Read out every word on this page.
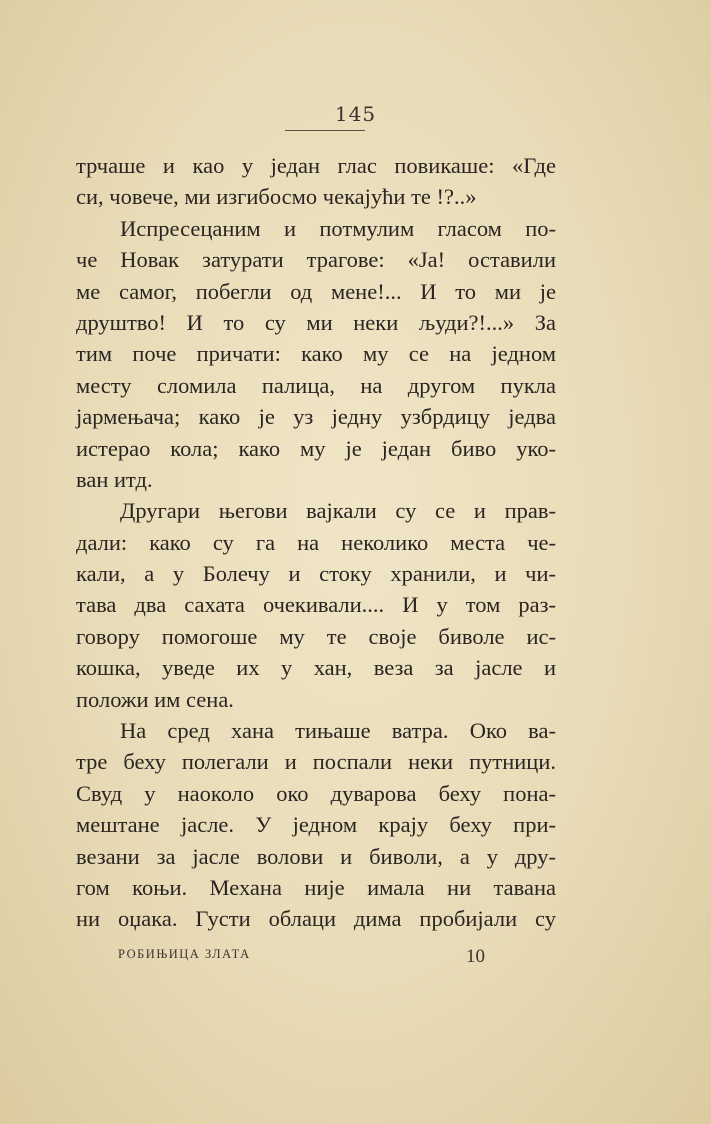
145
трчаше и као у један глас повикаше: «Где
си, човече, ми изгибосмо чекајући те !?..»
Испресецаним и потмулим гласом по-
че Новак затурати трагове: «Ја! оставили
ме самог, побегли од мене!... И то ми је
друштво! И то су ми неки људи?!...» За
тим поче причати: како му се на једном
месту сломила палица, на другом пукла
јармењача; како је уз једну узбрдицу једва
истерао кола; како му је један биво уко-
ван итд.
Другари његови вајкали су се и прав-
дали: како су га на неколико места че-
кали, а у Болечу и стоку хранили, и чи-
тава два сахата очекивали.... И у том раз-
говору помогоше му те своје биволе ис-
кошка, уведе их у хан, веза за јасле и
положи им сена.
На сред хана тињаше ватра. Око ва-
тре беху полегали и поспали неки путници.
Свуд у наоколо око дуварова беху пона-
мештане јасле. У једном крају беху при-
везани за јасле волови и биволи, а у дру-
гом коњи. Механа није имала ни тавана
ни оџака. Густи облаци дима пробијали су
РОБИЊИЦА ЗЛАТА	10
